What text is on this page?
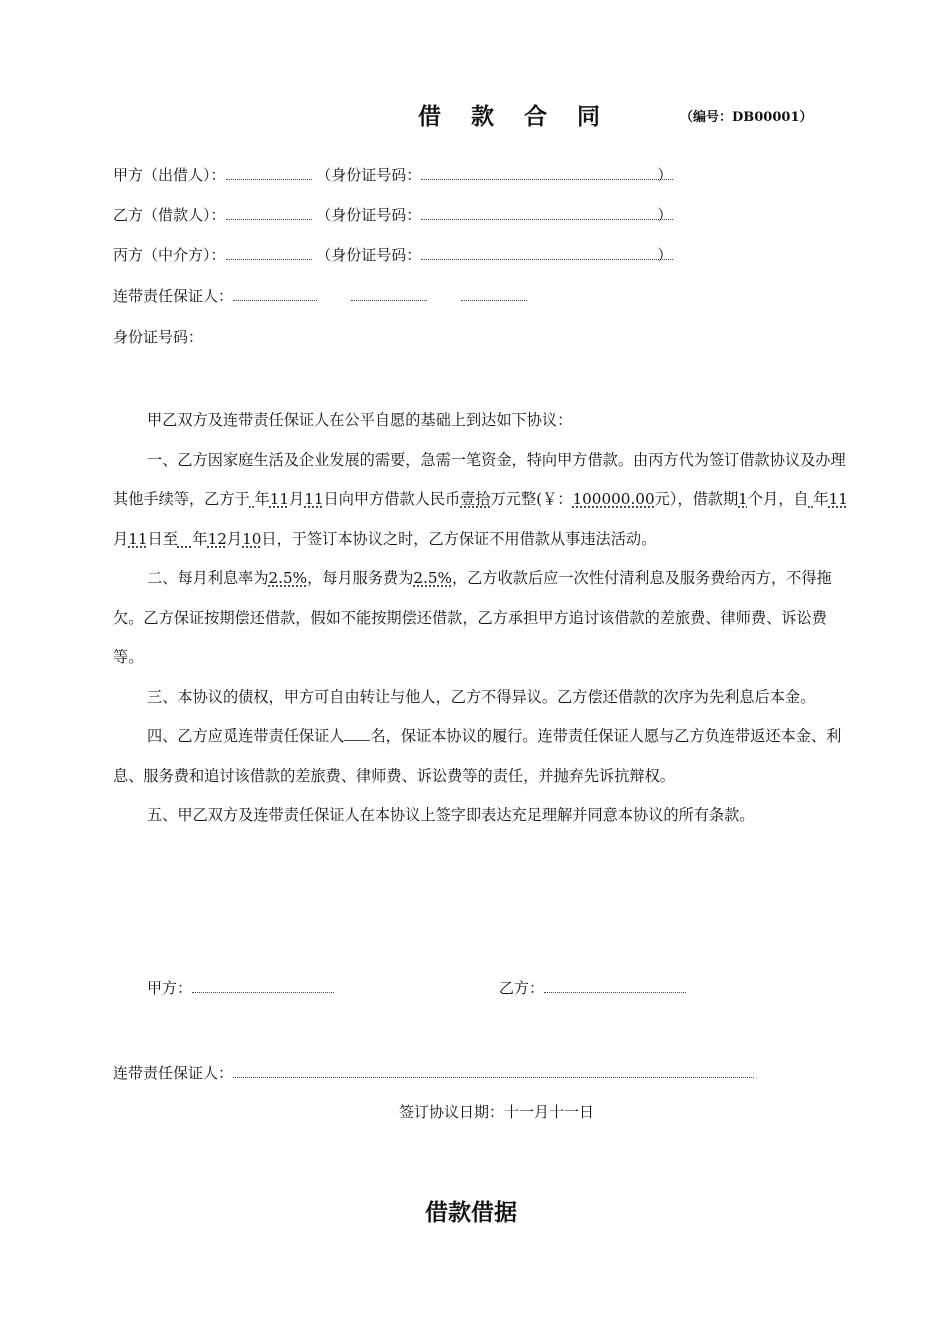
借 款 合 同	（编号：DB00001）
甲方（出借人）：	（身份证号码：	）
乙方（借款人）：	（身份证号码：	）
丙方（中介方）：	（身份证号码：	）
连带责任保证人：
身份证号码：

甲乙双方及连带责任保证人在公平自愿的基础上到达如下协议：

一、乙方因家庭生活及企业发展的需要，急需一笔资金，特向甲方借款。由丙方代为签订借款协议及办理其他手续等，乙方于 年11月11日向甲方借款人民币壹拾万元整(￥：100000.00元），借款期1个月，自 年11月11日至 年12月10日，于签订本协议之时，乙方保证不用借款从事违法活动。

二、每月利息率为2.5%，每月服务费为2.5%，乙方收款后应一次性付清利息及服务费给丙方，不得拖欠。乙方保证按期偿还借款，假如不能按期偿还借款，乙方承担甲方追讨该借款的差旅费、律师费、诉讼费等。

三、本协议的债权，甲方可自由转让与他人，乙方不得异议。乙方偿还借款的次序为先利息后本金。

四、乙方应觅连带责任保证人 名，保证本协议的履行。连带责任保证人愿与乙方负连带返还本金、利息、服务费和追讨该借款的差旅费、律师费、诉讼费等的责任，并抛弃先诉抗辩权。

五、甲乙双方及连带责任保证人在本协议上签字即表达充足理解并同意本协议的所有条款。

甲方：	乙方：
连带责任保证人：
签订协议日期：十一月十一日
借款借据
